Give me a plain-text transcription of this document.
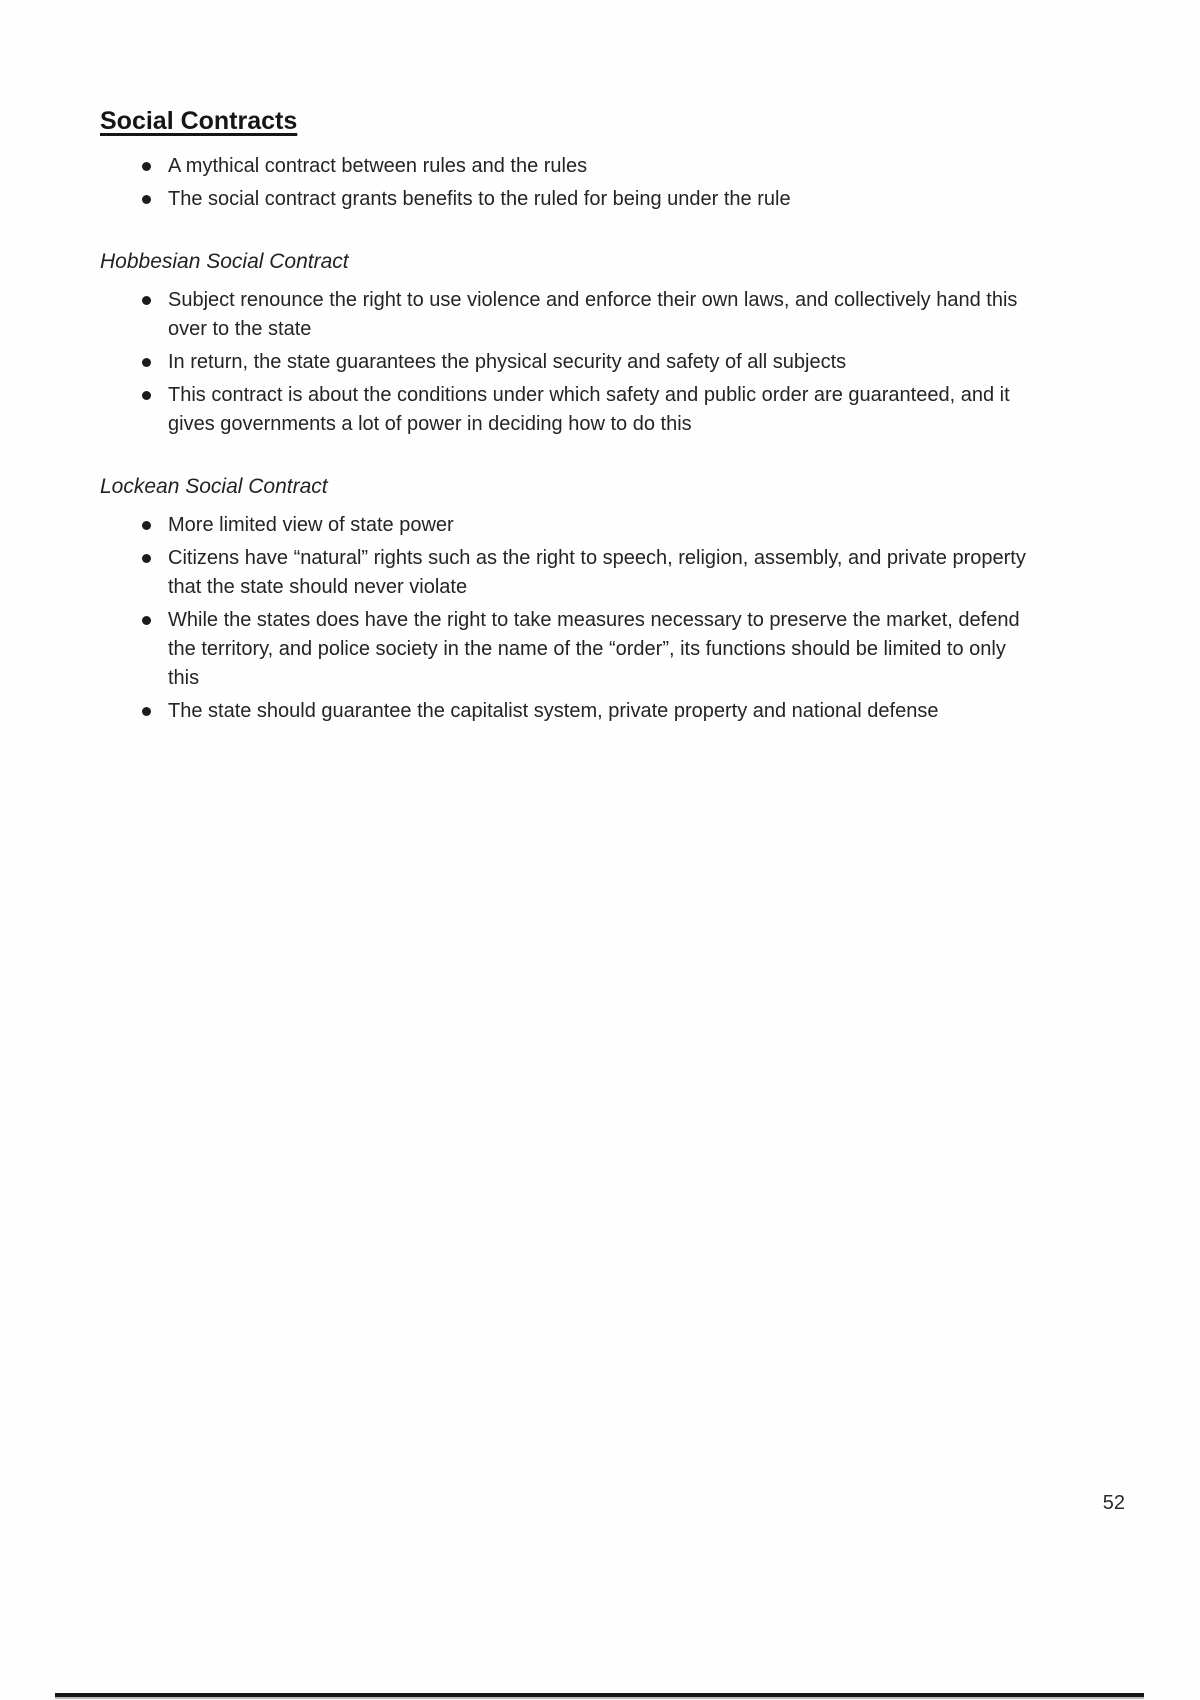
Social Contracts
A mythical contract between rules and the rules
The social contract grants benefits to the ruled for being under the rule
Hobbesian Social Contract
Subject renounce the right to use violence and enforce their own laws, and collectively hand this over to the state
In return, the state guarantees the physical security and safety of all subjects
This contract is about the conditions under which safety and public order are guaranteed, and it gives governments a lot of power in deciding how to do this
Lockean Social Contract
More limited view of state power
Citizens have “natural” rights such as the right to speech, religion, assembly, and private property that the state should never violate
While the states does have the right to take measures necessary to preserve the market, defend the territory, and police society in the name of the “order”, its functions should be limited to only this
The state should guarantee the capitalist system, private property and national defense
52
